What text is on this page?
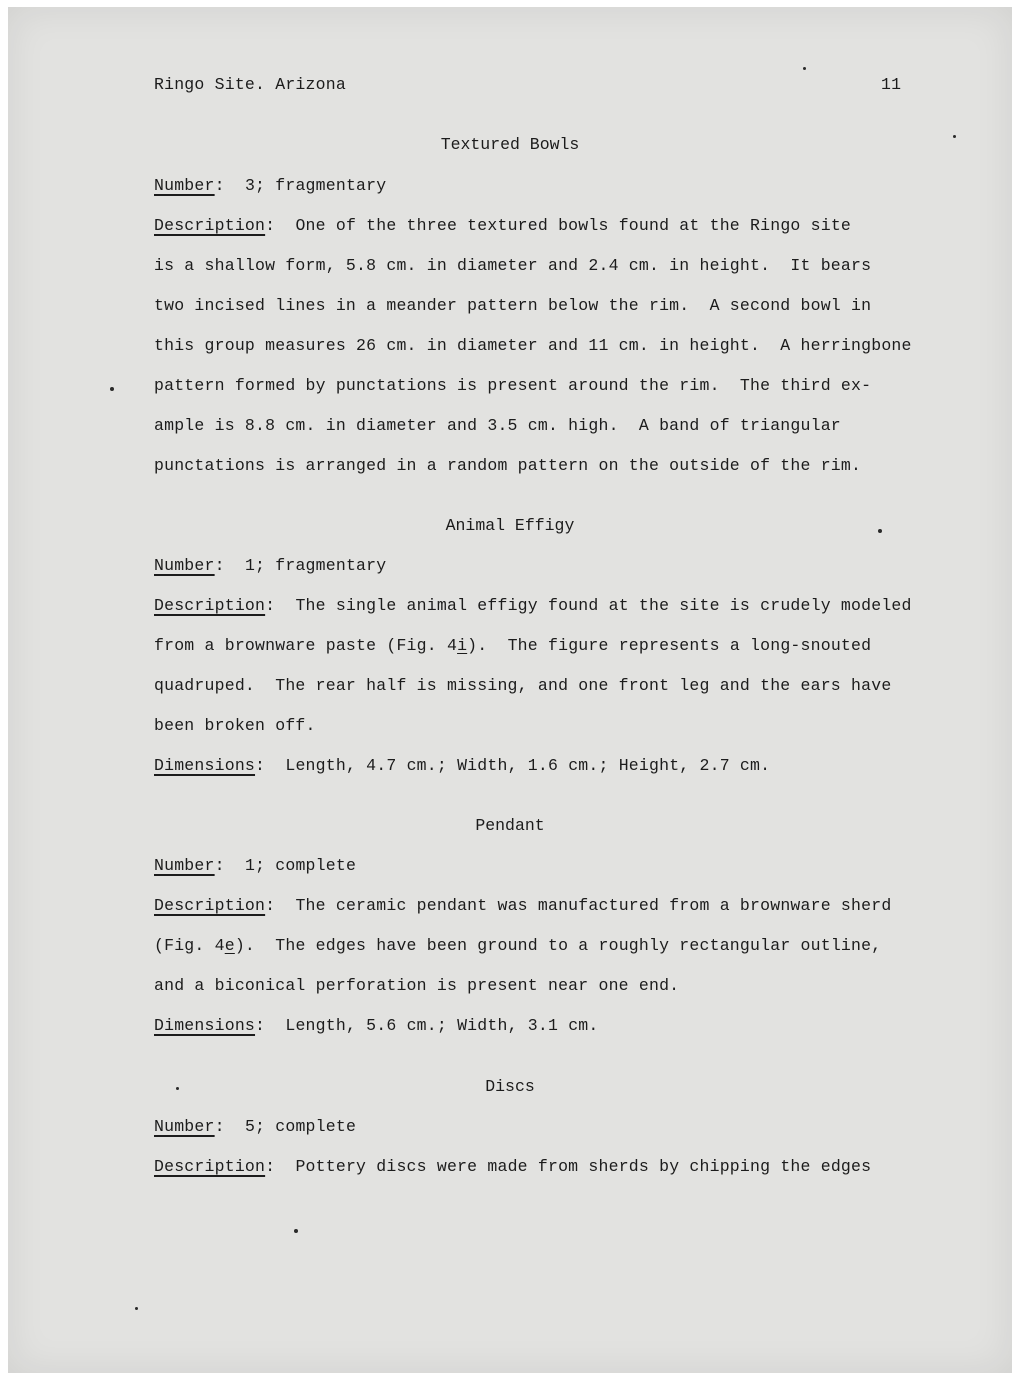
Ringo Site. Arizona	11
Textured Bowls
Number:  3; fragmentary
Description:  One of the three textured bowls found at the Ringo site
is a shallow form, 5.8 cm. in diameter and 2.4 cm. in height.  It bears
two incised lines in a meander pattern below the rim.  A second bowl in
this group measures 26 cm. in diameter and 11 cm. in height.  A herringbone
pattern formed by punctations is present around the rim.  The third ex-
ample is 8.8 cm. in diameter and 3.5 cm. high.  A band of triangular
punctations is arranged in a random pattern on the outside of the rim.
Animal Effigy
Number:  1; fragmentary
Description:  The single animal effigy found at the site is crudely modeled
from a brownware paste (Fig. 4i).  The figure represents a long-snouted
quadruped.  The rear half is missing, and one front leg and the ears have
been broken off.
Dimensions:  Length, 4.7 cm.; Width, 1.6 cm.; Height, 2.7 cm.
Pendant
Number:  1; complete
Description:  The ceramic pendant was manufactured from a brownware sherd
(Fig. 4e).  The edges have been ground to a roughly rectangular outline,
and a biconical perforation is present near one end.
Dimensions:  Length, 5.6 cm.; Width, 3.1 cm.
Discs
Number:  5; complete
Description:  Pottery discs were made from sherds by chipping the edges
